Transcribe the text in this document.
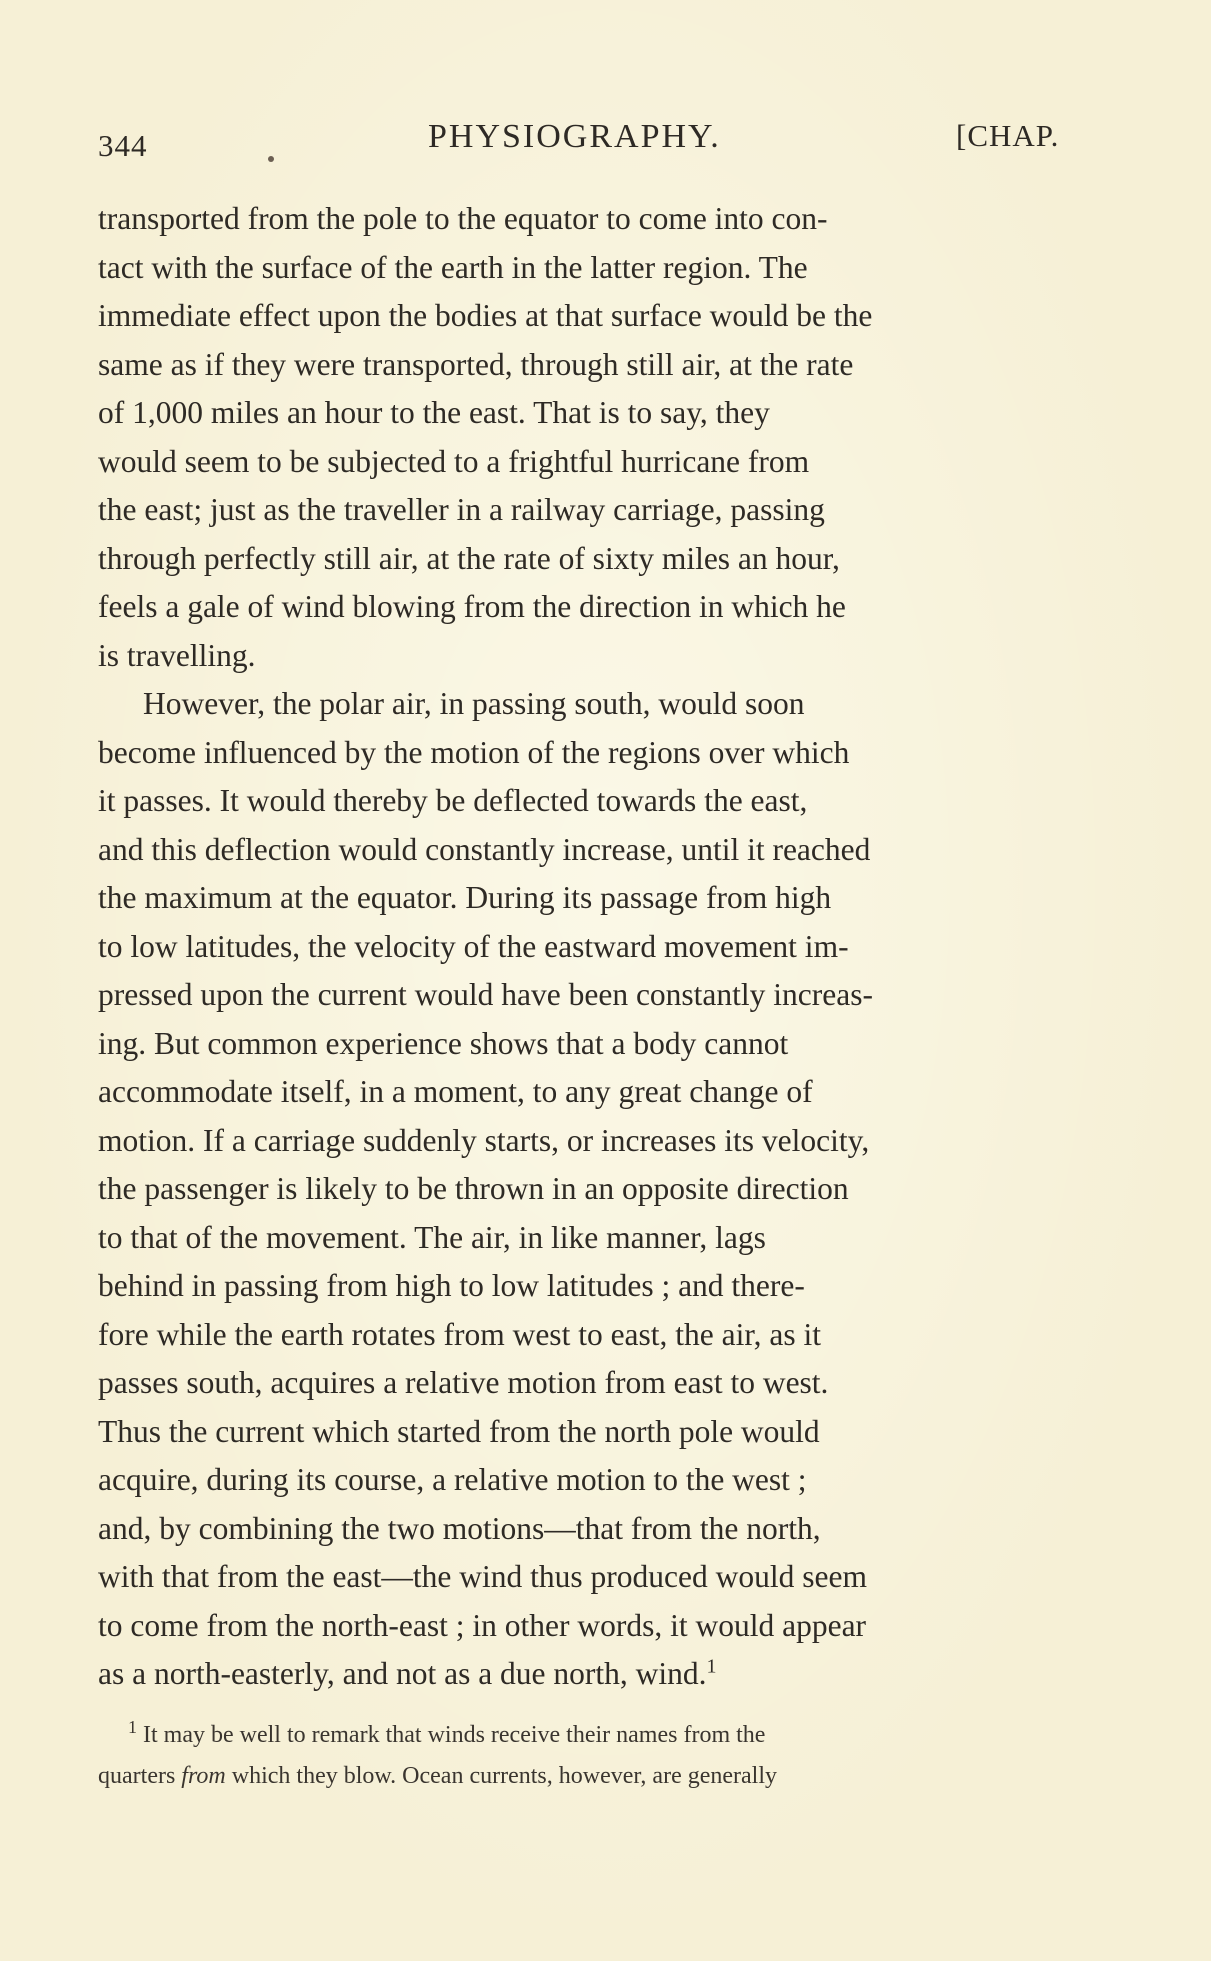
344	PHYSIOGRAPHY.	[CHAP.
transported from the pole to the equator to come into con-
tact with the surface of the earth in the latter region. The
immediate effect upon the bodies at that surface would be the
same as if they were transported, through still air, at the rate
of 1,000 miles an hour to the east. That is to say, they
would seem to be subjected to a frightful hurricane from
the east; just as the traveller in a railway carriage, passing
through perfectly still air, at the rate of sixty miles an hour,
feels a gale of wind blowing from the direction in which he
is travelling.
However, the polar air, in passing south, would soon
become influenced by the motion of the regions over which
it passes. It would thereby be deflected towards the east,
and this deflection would constantly increase, until it reached
the maximum at the equator. During its passage from high
to low latitudes, the velocity of the eastward movement im-
pressed upon the current would have been constantly increas-
ing. But common experience shows that a body cannot
accommodate itself, in a moment, to any great change of
motion. If a carriage suddenly starts, or increases its velocity,
the passenger is likely to be thrown in an opposite direction
to that of the movement. The air, in like manner, lags
behind in passing from high to low latitudes ; and there-
fore while the earth rotates from west to east, the air, as it
passes south, acquires a relative motion from east to west.
Thus the current which started from the north pole would
acquire, during its course, a relative motion to the west ;
and, by combining the two motions—that from the north,
with that from the east—the wind thus produced would seem
to come from the north-east ; in other words, it would appear
as a north-easterly, and not as a due north, wind.$^1$
$^1$ It may be well to remark that winds receive their names from the
quarters from which they blow. Ocean currents, however, are generally
